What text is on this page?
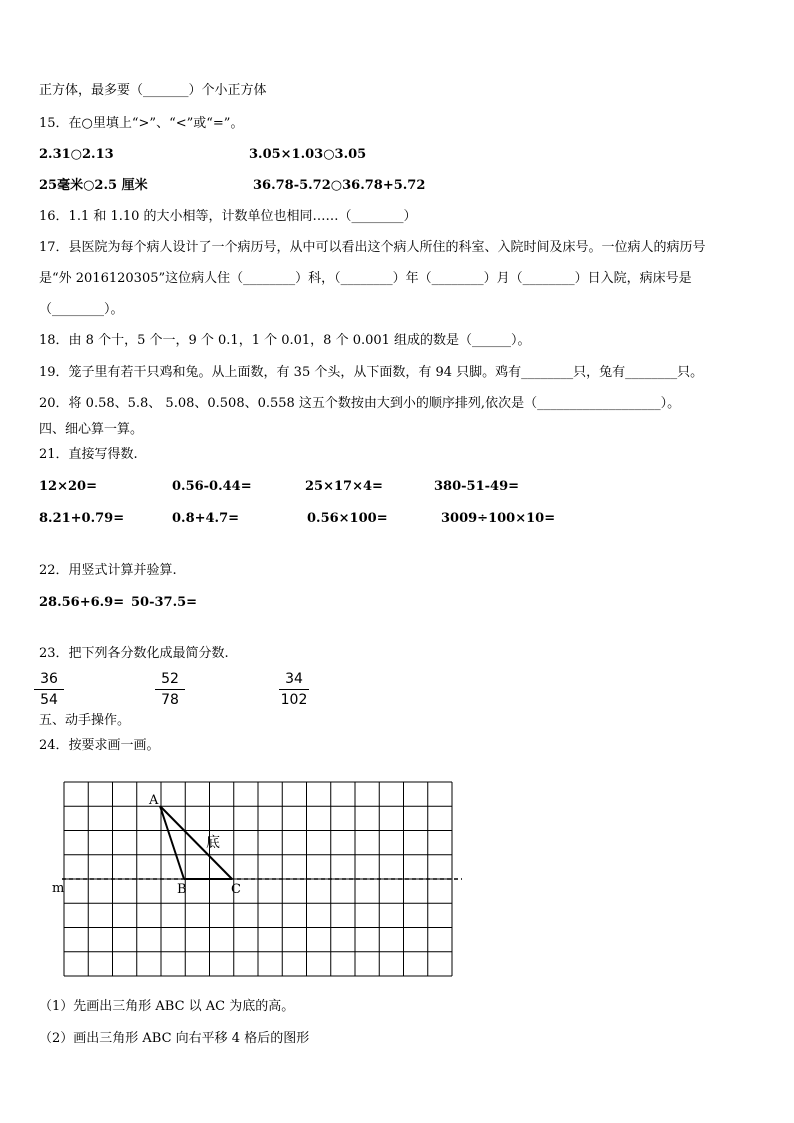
正方体，最多要（_______）个小正方体
15．在○里填上“>”、“<”或“=”。
2.31○2.13	3.05×1.03○3.05
25毫米○2.5 厘米	36.78-5.72○36.78+5.72
16．1.1 和 1.10 的大小相等，计数单位也相同……（________）
17．县医院为每个病人设计了一个病历号，从中可以看出这个病人所住的科室、入院时间及床号。一位病人的病历号
是“外 2016120305”这位病人住（________）科，（________）年（________）月（________）日入院，病床号是
（________）。
18．由 8 个十，5 个一，9 个 0.1，1 个 0.01，8 个 0.001 组成的数是（______）。
19．笼子里有若干只鸡和兔。从上面数，有 35 个头，从下面数，有 94 只脚。鸡有________只，兔有________只。
20．将 0.58、5.8、 5.08、0.508、0.558 这五个数按由大到小的顺序排列,依次是（___________________）。
四、细心算一算。
21．直接写得数.
12×20=	0.56-0.44=	25×17×4=	380-51-49=
8.21+0.79=	0.8+4.7=	0.56×100=	3009÷100×10=
22．用竖式计算并验算.
28.56+6.9= 50-37.5=
23．把下列各分数化成最简分数.
36
54
52
78
34
102
五、动手操作。
24．按要求画一画。
m
A
B	C
底
（1）先画出三角形 ABC 以 AC 为底的高。
（2）画出三角形 ABC 向右平移 4 格后的图形
